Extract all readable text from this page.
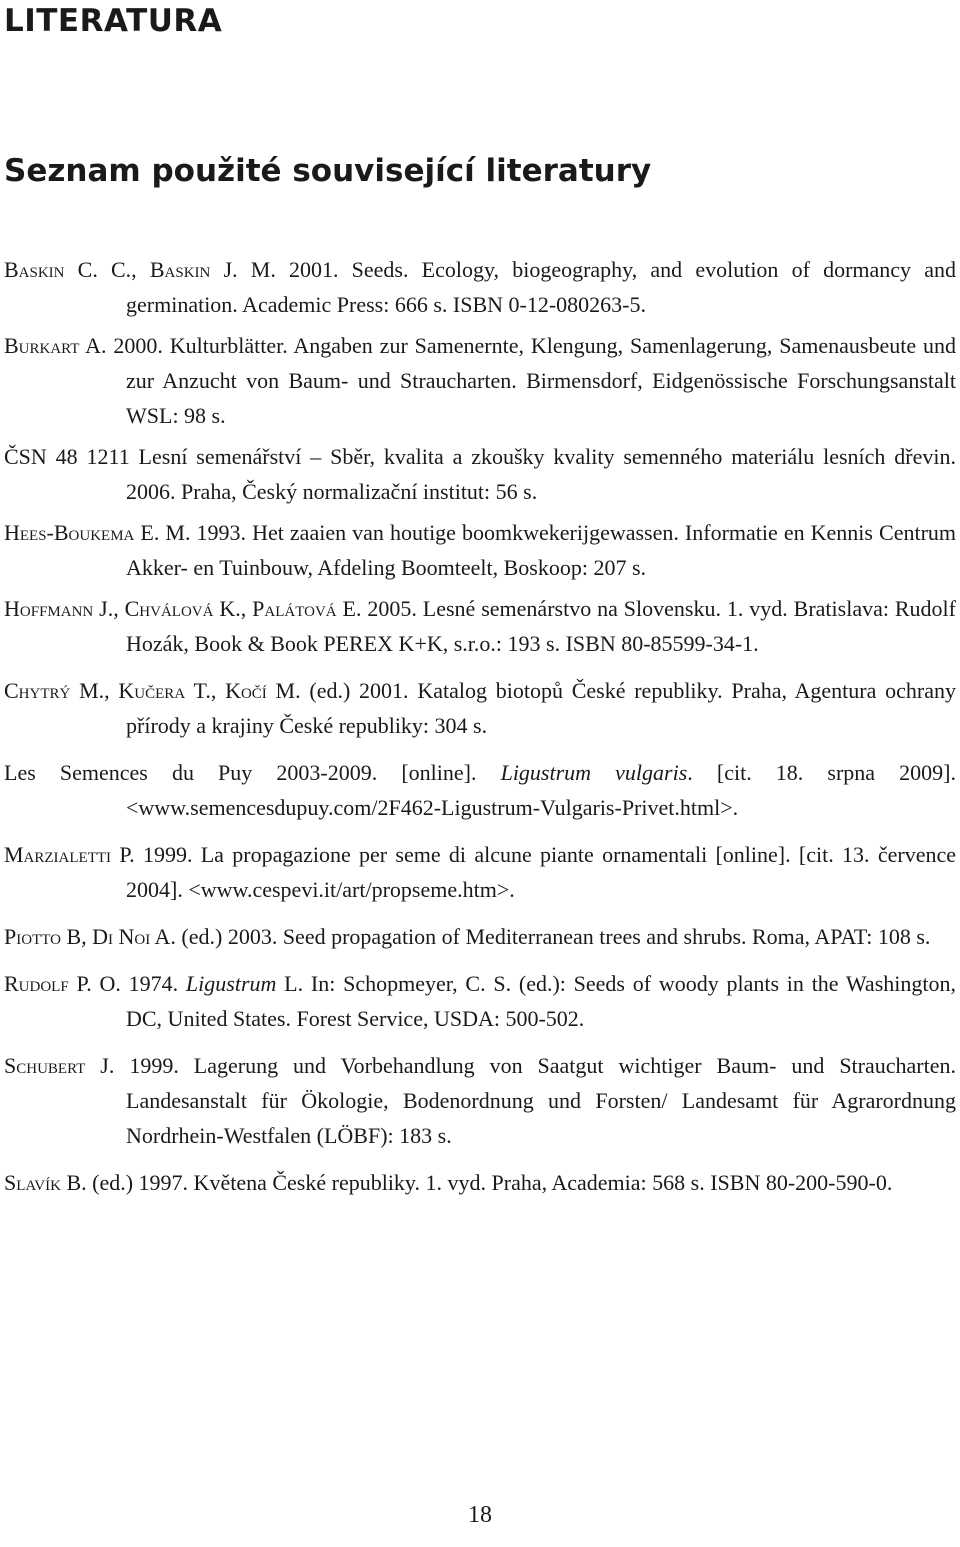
LITERATURA
Seznam použité související literatury
Baskin C. C., Baskin J. M. 2001. Seeds. Ecology, biogeography, and evolution of dormancy and germination. Academic Press: 666 s. ISBN 0-12-080263-5.
Burkart A. 2000. Kulturblätter. Angaben zur Samenernte, Klengung, Samenlagerung, Samenausbeute und zur Anzucht von Baum- und Straucharten. Birmensdorf, Eidgenössische Forschungsanstalt WSL: 98 s.
ČSN 48 1211 Lesní semenářství – Sběr, kvalita a zkoušky kvality semenného materiálu lesních dřevin. 2006. Praha, Český normalizační institut: 56 s.
Hees-Boukema E. M. 1993. Het zaaien van houtige boomkwekerijgewassen. Informatie en Kennis Centrum Akker- en Tuinbouw, Afdeling Boomteelt, Boskoop: 207 s.
Hoffmann J., Chválová K., Palátová E. 2005. Lesné semenárstvo na Slovensku. 1. vyd. Bratislava: Rudolf Hozák, Book & Book PEREX K+K, s.r.o.: 193 s. ISBN 80-85599-34-1.
Chytrý M., Kučera T., Kočí M. (ed.) 2001. Katalog biotopů České republiky. Praha, Agentura ochrany přírody a krajiny České republiky: 304 s.
Les Semences du Puy 2003-2009. [online]. Ligustrum vulgaris. [cit. 18. srpna 2009]. <www.semencesdupuy.com/2F462-Ligustrum-Vulgaris-Privet.html>.
Marzialetti P. 1999. La propagazione per seme di alcune piante ornamentali [online]. [cit. 13. července 2004]. <www.cespevi.it/art/propseme.htm>.
Piotto B, Di Noi A. (ed.) 2003. Seed propagation of Mediterranean trees and shrubs. Roma, APAT: 108 s.
Rudolf P. O. 1974. Ligustrum L. In: Schopmeyer, C. S. (ed.): Seeds of woody plants in the Washington, DC, United States. Forest Service, USDA: 500-502.
Schubert J. 1999. Lagerung und Vorbehandlung von Saatgut wichtiger Baum- und Straucharten. Landesanstalt für Ökologie, Bodenordnung und Forsten/ Landesamt für Agrarordnung Nordrhein-Westfalen (LÖBF): 183 s.
Slavík B. (ed.) 1997. Květena České republiky. 1. vyd. Praha, Academia: 568 s. ISBN 80-200-590-0.
18
